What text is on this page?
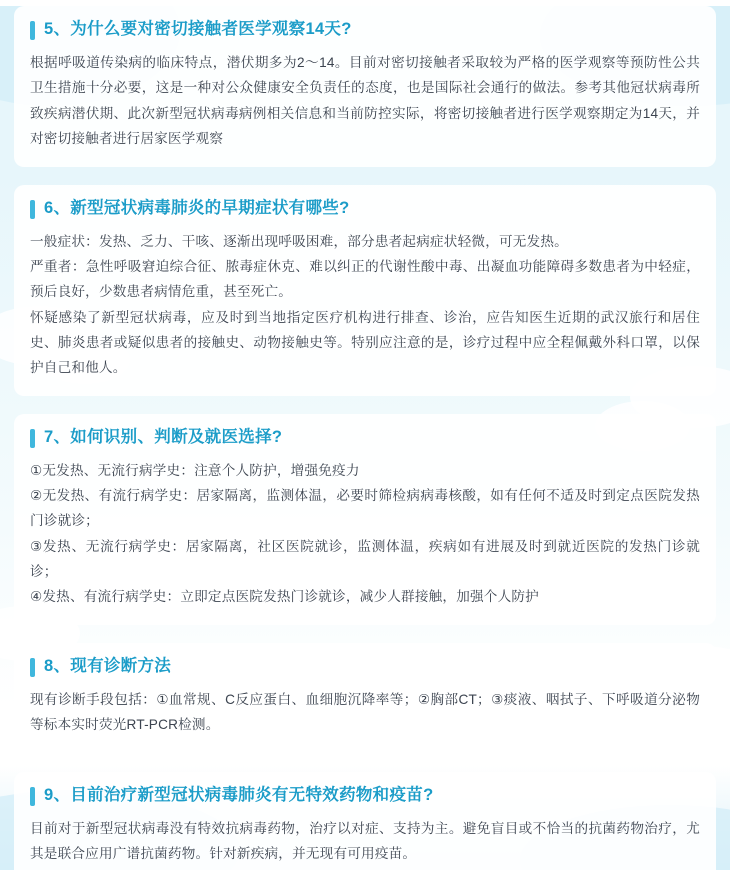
5、为什么要对密切接触者医学观察14天?

根据呼吸道传染病的临床特点，潜伏期多为2～14。目前对密切接触者采取较为严格的医学观察等预防性公共卫生措施十分必要，这是一种对公众健康安全负责任的态度，也是国际社会通行的做法。参考其他冠状病毒所致疾病潜伏期、此次新型冠状病毒病例相关信息和当前防控实际，将密切接触者进行医学观察期定为14天，并对密切接触者进行居家医学观察

6、新型冠状病毒肺炎的早期症状有哪些?

一般症状：发热、乏力、干咳、逐渐出现呼吸困难，部分患者起病症状轻微，可无发热。

严重者：急性呼吸窘迫综合征、脓毒症休克、难以纠正的代谢性酸中毒、出凝血功能障碍多数患者为中轻症，预后良好，少数患者病情危重，甚至死亡。

怀疑感染了新型冠状病毒，应及时到当地指定医疗机构进行排查、诊治，应告知医生近期的武汉旅行和居住史、肺炎患者或疑似患者的接触史、动物接触史等。特别应注意的是，诊疗过程中应全程佩戴外科口罩，以保护自己和他人。

7、如何识别、判断及就医选择?

①无发热、无流行病学史：注意个人防护，增强免疫力

②无发热、有流行病学史：居家隔离，监测体温，必要时筛检病病毒核酸，如有任何不适及时到定点医院发热门诊就诊；

③发热、无流行病学史：居家隔离，社区医院就诊，监测体温，疾病如有进展及时到就近医院的发热门诊就诊；

④发热、有流行病学史：立即定点医院发热门诊就诊，减少人群接触，加强个人防护

8、现有诊断方法

现有诊断手段包括：①血常规、C反应蛋白、血细胞沉降率等；②胸部CT；③痰液、咽拭子、下呼吸道分泌物等标本实时荧光RT-PCR检测。

9、目前治疗新型冠状病毒肺炎有无特效药物和疫苗?

目前对于新型冠状病毒没有特效抗病毒药物，治疗以对症、支持为主。避免盲目或不恰当的抗菌药物治疗，尤其是联合应用广谱抗菌药物。针对新疾病，并无现有可用疫苗。
